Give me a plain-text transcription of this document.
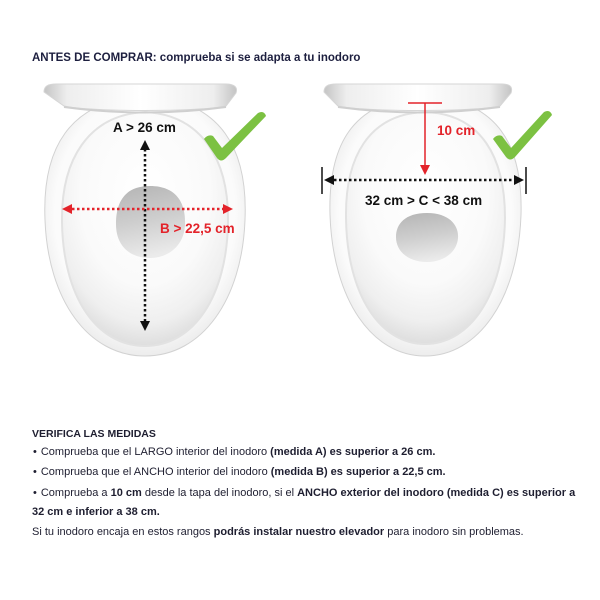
A > 26 cm
B > 22,5 cm
10 cm
32 cm > C < 38 cm
ANTES DE COMPRAR: comprueba si se adapta a tu inodoro
VERIFICA LAS MEDIDAS
• Comprueba que el LARGO interior del inodoro (medida A) es superior a 26 cm.
• Comprueba que el ANCHO interior del inodoro (medida B) es superior a 22,5 cm.
• Comprueba a 10 cm desde la tapa del inodoro, si el ANCHO exterior del inodoro (medida C) es superior a
32 cm e inferior a 38 cm.
Si tu inodoro encaja en estos rangos podrás instalar nuestro elevador para inodoro sin problemas.
